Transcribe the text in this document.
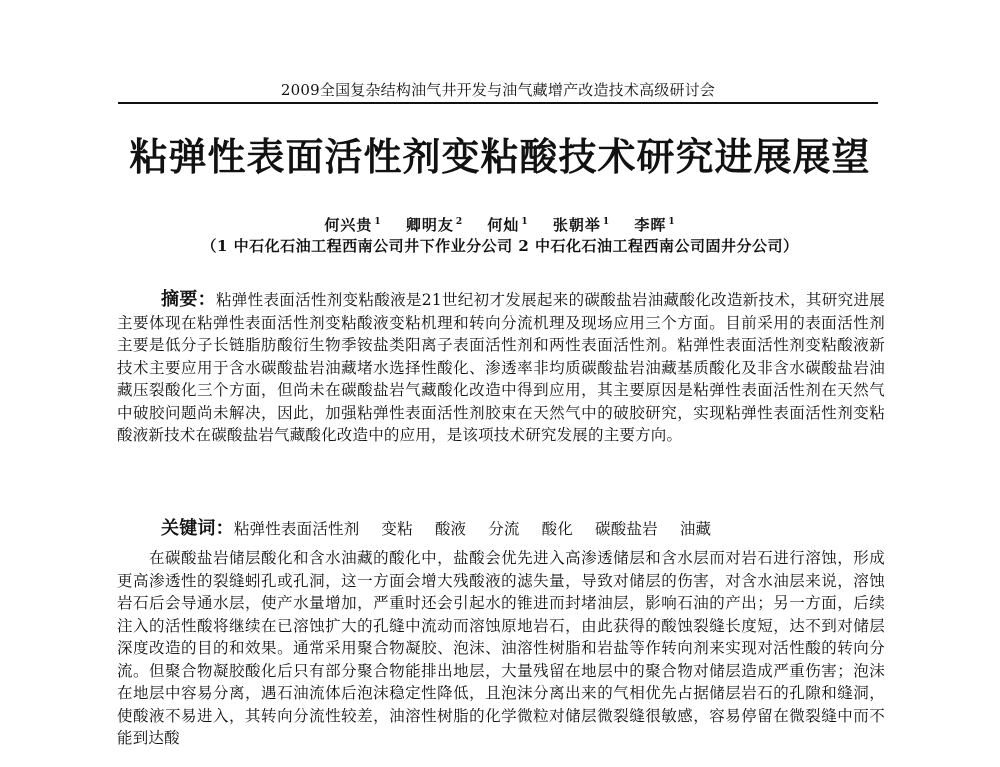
2009全国复杂结构油气井开发与油气藏增产改造技术高级研讨会
粘弹性表面活性剂变粘酸技术研究进展展望
何兴贵 $^1$ 卿明友 $^2$ 何灿 $^1$ 张朝举 $^1$ 李晖 $^1$
（1 中石化石油工程西南公司井下作业分公司 2 中石化石油工程西南公司固井分公司）
摘要：粘弹性表面活性剂变粘酸液是21世纪初才发展起来的碳酸盐岩油藏酸化改造新技术，其研究进展主要体现在粘弹性表面活性剂变粘酸液变粘机理和转向分流机理及现场应用三个方面。目前采用的表面活性剂主要是低分子长链脂肪酸衍生物季铵盐类阳离子表面活性剂和两性表面活性剂。粘弹性表面活性剂变粘酸液新技术主要应用于含水碳酸盐岩油藏堵水选择性酸化、渗透率非均质碳酸盐岩油藏基质酸化及非含水碳酸盐岩油藏压裂酸化三个方面，但尚未在碳酸盐岩气藏酸化改造中得到应用，其主要原因是粘弹性表面活性剂在天然气中破胶问题尚未解决，因此，加强粘弹性表面活性剂胶束在天然气中的破胶研究，实现粘弹性表面活性剂变粘酸液新技术在碳酸盐岩气藏酸化改造中的应用，是该项技术研究发展的主要方向。
关键词：粘弹性表面活性剂 变粘 酸液 分流 酸化 碳酸盐岩 油藏
在碳酸盐岩储层酸化和含水油藏的酸化中，盐酸会优先进入高渗透储层和含水层而对岩石进行溶蚀，形成更高渗透性的裂缝蚓孔或孔洞，这一方面会增大残酸液的滤失量，导致对储层的伤害，对含水油层来说，溶蚀岩石后会导通水层，使产水量增加，严重时还会引起水的锥进而封堵油层，影响石油的产出；另一方面，后续注入的活性酸将继续在已溶蚀扩大的孔缝中流动而溶蚀原地岩石，由此获得的酸蚀裂缝长度短，达不到对储层深度改造的目的和效果。通常采用聚合物凝胶、泡沫、油溶性树脂和岩盐等作转向剂来实现对活性酸的转向分流。但聚合物凝胶酸化后只有部分聚合物能排出地层，大量残留在地层中的聚合物对储层造成严重伤害；泡沫在地层中容易分离，遇石油流体后泡沫稳定性降低，且泡沫分离出来的气相优先占据储层岩石的孔隙和缝洞，使酸液不易进入，其转向分流性较差，油溶性树脂的化学微粒对储层微裂缝很敏感，容易停留在微裂缝中而不能到达酸
